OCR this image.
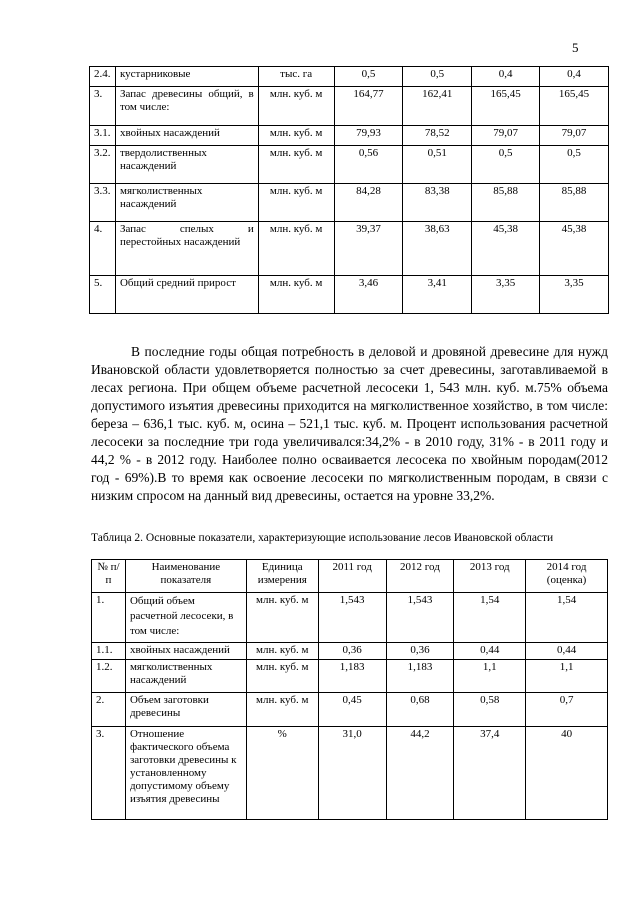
5
2.4.	кустарниковые	тыс. га	0,5	0,5	0,4	0,4
3.	Запас древесины общий, в том числе:	млн. куб. м	164,77	162,41	165,45	165,45
3.1.	хвойных насаждений	млн. куб. м	79,93	78,52	79,07	79,07
3.2.	твердолиственных насаждений	млн. куб. м	0,56	0,51	0,5	0,5
3.3.	мягколиственных насаждений	млн. куб. м	84,28	83,38	85,88	85,88
4.	Запас спелых и перестойных насаждений	млн. куб. м	39,37	38,63	45,38	45,38
5.	Общий средний прирост	млн. куб. м	3,46	3,41	3,35	3,35

В последние годы общая потребность в деловой и дровяной древесине для нужд Ивановской области удовлетворяется полностью за счет древесины, заготавливаемой в лесах региона. При общем объеме расчетной лесосеки 1, 543 млн. куб. м.75% объема допустимого изъятия древесины приходится на мягколиственное хозяйство, в том числе: береза – 636,1 тыс. куб. м, осина – 521,1 тыс. куб. м. Процент использования расчетной лесосеки за последние три года увеличивался:34,2% - в 2010 году, 31% - в 2011 году и 44,2 % - в 2012 году. Наиболее полно осваивается лесосека по хвойным породам(2012 год - 69%).В то время как освоение лесосеки по мягколиственным породам, в связи с низким спросом на данный вид древесины, остается на уровне 33,2%.

Таблица 2. Основные показатели, характеризующие использование лесов Ивановской области

№ п/п	Наименование показателя	Единица измерения	2011 год	2012 год	2013 год	2014 год (оценка)
1.	Общий объем расчетной лесосеки, в том числе:	млн. куб. м	1,543	1,543	1,54	1,54
1.1.	хвойных насаждений	млн. куб. м	0,36	0,36	0,44	0,44
1.2.	мягколиственных насаждений	млн. куб. м	1,183	1,183	1,1	1,1
2.	Объем заготовки древесины	млн. куб. м	0,45	0,68	0,58	0,7
3.	Отношение фактического объема заготовки древесины к установленному допустимому объему изъятия древесины	%	31,0	44,2	37,4	40
